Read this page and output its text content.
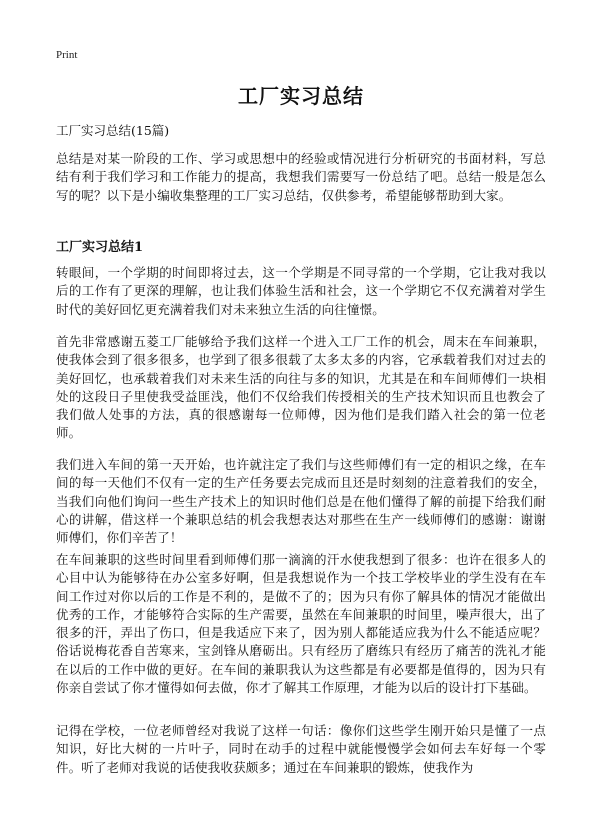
Print
工厂实习总结
工厂实习总结(15篇)
总结是对某一阶段的工作、学习或思想中的经验或情况进行分析研究的书面材料，写总结有利于我们学习和工作能力的提高，我想我们需要写一份总结了吧。总结一般是怎么写的呢？以下是小编收集整理的工厂实习总结，仅供参考，希望能够帮助到大家。
工厂实习总结1
转眼间，一个学期的时间即将过去，这一个学期是不同寻常的一个学期，它让我对我以后的工作有了更深的理解，也让我们体验生活和社会，这一个学期它不仅充满着对学生时代的美好回忆更充满着我们对未来独立生活的向往憧憬。
首先非常感谢五菱工厂能够给予我们这样一个进入工厂工作的机会，周末在车间兼职，使我体会到了很多很多，也学到了很多很载了太多太多的内容，它承载着我们对过去的美好回忆，也承载着我们对未来生活的向往与多的知识，尤其是在和车间师傅们一块相处的这段日子里使我受益匪浅，他们不仅给我们传授相关的生产技术知识而且也教会了我们做人处事的方法，真的很感谢每一位师傅，因为他们是我们踏入社会的第一位老师。
我们进入车间的第一天开始，也许就注定了我们与这些师傅们有一定的相识之缘，在车间的每一天他们不仅有一定的生产任务要去完成而且还是时刻刻的注意着我们的安全，当我们向他们询问一些生产技术上的知识时他们总是在他们懂得了解的前提下给我们耐心的讲解，借这样一个兼职总结的机会我想表达对那些在生产一线师傅们的感谢：谢谢师傅们，你们辛苦了！
在车间兼职的这些时间里看到师傅们那一滴滴的汗水使我想到了很多：也许在很多人的心目中认为能够待在办公室多好啊，但是我想说作为一个技工学校毕业的学生没有在车间工作过对你以后的工作是不利的，是做不了的；因为只有你了解具体的情况才能做出优秀的工作，才能够符合实际的生产需要，虽然在车间兼职的时间里，噪声很大，出了很多的汗，弄出了伤口，但是我适应下来了，因为别人都能适应我为什么不能适应呢？俗话说梅花香自苦寒来，宝剑锋从磨砺出。只有经历了磨练只有经历了痛苦的洗礼才能在以后的工作中做的更好。在车间的兼职我认为这些都是有必要都是值得的，因为只有你亲自尝试了你才懂得如何去做，你才了解其工作原理，才能为以后的设计打下基础。
记得在学校，一位老师曾经对我说了这样一句话：像你们这些学生刚开始只是懂了一点知识，好比大树的一片叶子，同时在动手的过程中就能慢慢学会如何去车好每一个零件。听了老师对我说的话使我收获颇多；通过在车间兼职的锻炼，使我作为
